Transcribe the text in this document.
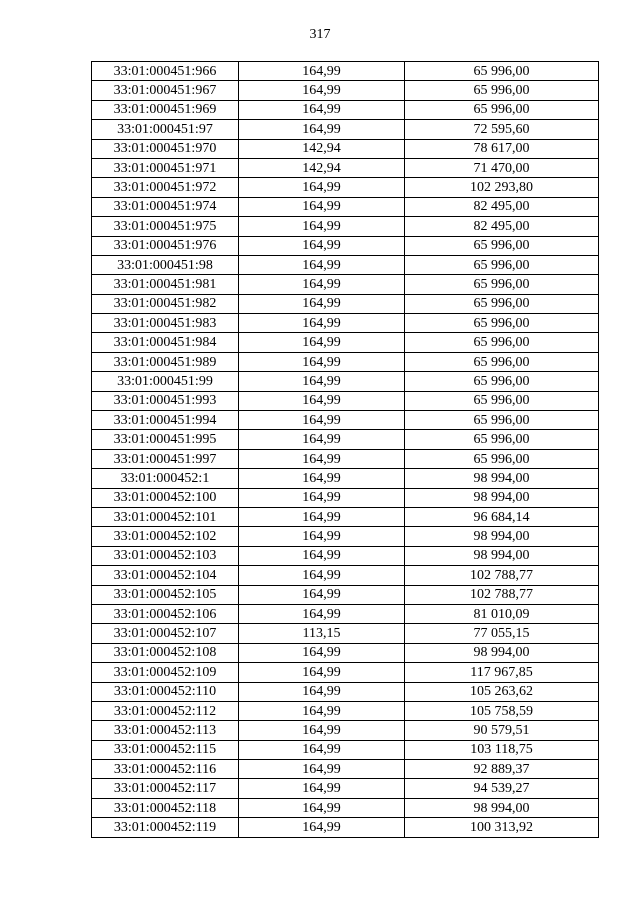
317
33:01:000451:966	164,99	65 996,00
33:01:000451:967	164,99	65 996,00
33:01:000451:969	164,99	65 996,00
33:01:000451:97	164,99	72 595,60
33:01:000451:970	142,94	78 617,00
33:01:000451:971	142,94	71 470,00
33:01:000451:972	164,99	102 293,80
33:01:000451:974	164,99	82 495,00
33:01:000451:975	164,99	82 495,00
33:01:000451:976	164,99	65 996,00
33:01:000451:98	164,99	65 996,00
33:01:000451:981	164,99	65 996,00
33:01:000451:982	164,99	65 996,00
33:01:000451:983	164,99	65 996,00
33:01:000451:984	164,99	65 996,00
33:01:000451:989	164,99	65 996,00
33:01:000451:99	164,99	65 996,00
33:01:000451:993	164,99	65 996,00
33:01:000451:994	164,99	65 996,00
33:01:000451:995	164,99	65 996,00
33:01:000451:997	164,99	65 996,00
33:01:000452:1	164,99	98 994,00
33:01:000452:100	164,99	98 994,00
33:01:000452:101	164,99	96 684,14
33:01:000452:102	164,99	98 994,00
33:01:000452:103	164,99	98 994,00
33:01:000452:104	164,99	102 788,77
33:01:000452:105	164,99	102 788,77
33:01:000452:106	164,99	81 010,09
33:01:000452:107	113,15	77 055,15
33:01:000452:108	164,99	98 994,00
33:01:000452:109	164,99	117 967,85
33:01:000452:110	164,99	105 263,62
33:01:000452:112	164,99	105 758,59
33:01:000452:113	164,99	90 579,51
33:01:000452:115	164,99	103 118,75
33:01:000452:116	164,99	92 889,37
33:01:000452:117	164,99	94 539,27
33:01:000452:118	164,99	98 994,00
33:01:000452:119	164,99	100 313,92
